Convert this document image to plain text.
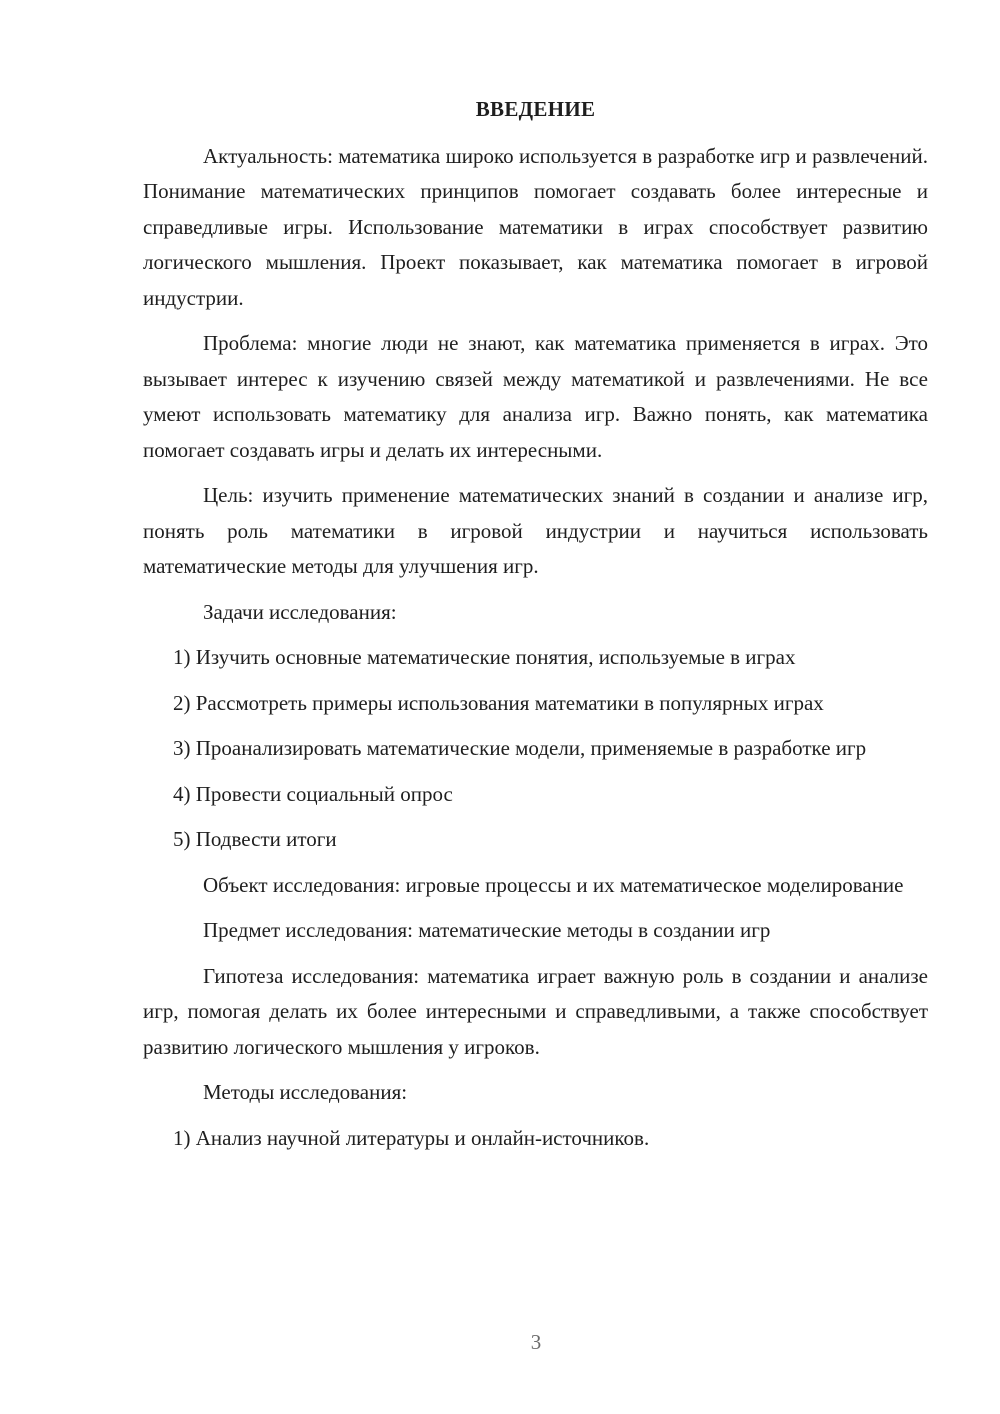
ВВЕДЕНИЕ

Актуальность: математика широко используется в разработке игр и развлечений. Понимание математических принципов помогает создавать более интересные и справедливые игры. Использование математики в играх способствует развитию логического мышления. Проект показывает, как математика помогает в игровой индустрии.

Проблема: многие люди не знают, как математика применяется в играх. Это вызывает интерес к изучению связей между математикой и развлечениями. Не все умеют использовать математику для анализа игр. Важно понять, как математика помогает создавать игры и делать их интересными.

Цель: изучить применение математических знаний в создании и анализе игр, понять роль математики в игровой индустрии и научиться использовать математические методы для улучшения игр.

Задачи исследования:

1) Изучить основные математические понятия, используемые в играх

2) Рассмотреть примеры использования математики в популярных играх

3) Проанализировать математические модели, применяемые в разработке игр

4) Провести социальный опрос

5) Подвести итоги

Объект исследования: игровые процессы и их математическое моделирование

Предмет исследования: математические методы в создании игр

Гипотеза исследования: математика играет важную роль в создании и анализе игр, помогая делать их более интересными и справедливыми, а также способствует развитию логического мышления у игроков.

Методы исследования:

1) Анализ научной литературы и онлайн-источников.

3
